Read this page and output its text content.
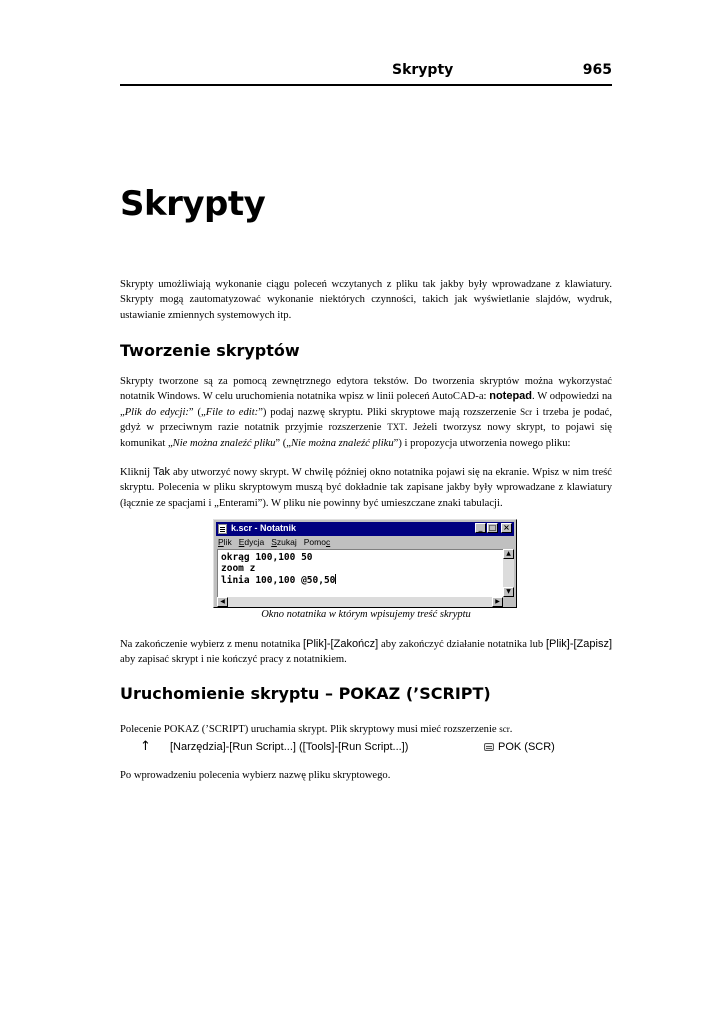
Skrypty	965
Skrypty
Skrypty umożliwiają wykonanie ciągu poleceń wczytanych z pliku tak jakby były wprowadzane z klawiatury. Skrypty mogą zautomatyzować wykonanie niektórych czynności, takich jak wyświetlanie slajdów, wydruk, ustawianie zmiennych systemowych itp.
Tworzenie skryptów
Skrypty tworzone są za pomocą zewnętrznego edytora tekstów. Do tworzenia skryptów można wykorzystać notatnik Windows. W celu uruchomienia notatnika wpisz w linii poleceń AutoCAD-a: notepad. W odpowiedzi na „Plik do edycji:” („File to edit:”) podaj nazwę skryptu. Pliki skryptowe mają rozszerzenie Scr i trzeba je podać, gdyż w przeciwnym razie notatnik przyjmie rozszerzenie TXT. Jeżeli tworzysz nowy skrypt, to pojawi się komunikat „Nie można znaleźć pliku” („Nie można znaleźć pliku”) i propozycja utworzenia nowego pliku:
Kliknij Tak aby utworzyć nowy skrypt. W chwilę później okno notatnika pojawi się na ekranie. Wpisz w nim treść skryptu. Polecenia w pliku skryptowym muszą być dokładnie tak zapisane jakby były wprowadzane z klawiatury (łącznie ze spacjami i „Enterami”). W pliku nie powinny być umieszczane znaki tabulacji.
k.scr - Notatnik	_ □ ×
Plik Edycja Szukaj Pomoc
okrąg 100,100 50
zoom z
linia 100,100 @50,50
▲
▼
◀	▶
Okno notatnika w którym wpisujemy treść skryptu
Na zakończenie wybierz z menu notatnika [Plik]-[Zakończ] aby zakończyć działanie notatnika lub [Plik]-[Zapisz] aby zapisać skrypt i nie kończyć pracy z notatnikiem.
Uruchomienie skryptu – POKAZ (’SCRIPT)
Polecenie POKAZ (’SCRIPT) uruchamia skrypt. Plik skryptowy musi mieć rozszerzenie scr.
↑ [Narzędzia]-[Run Script...] ([Tools]-[Run Script...])	POK (SCR)
Po wprowadzeniu polecenia wybierz nazwę pliku skryptowego.
